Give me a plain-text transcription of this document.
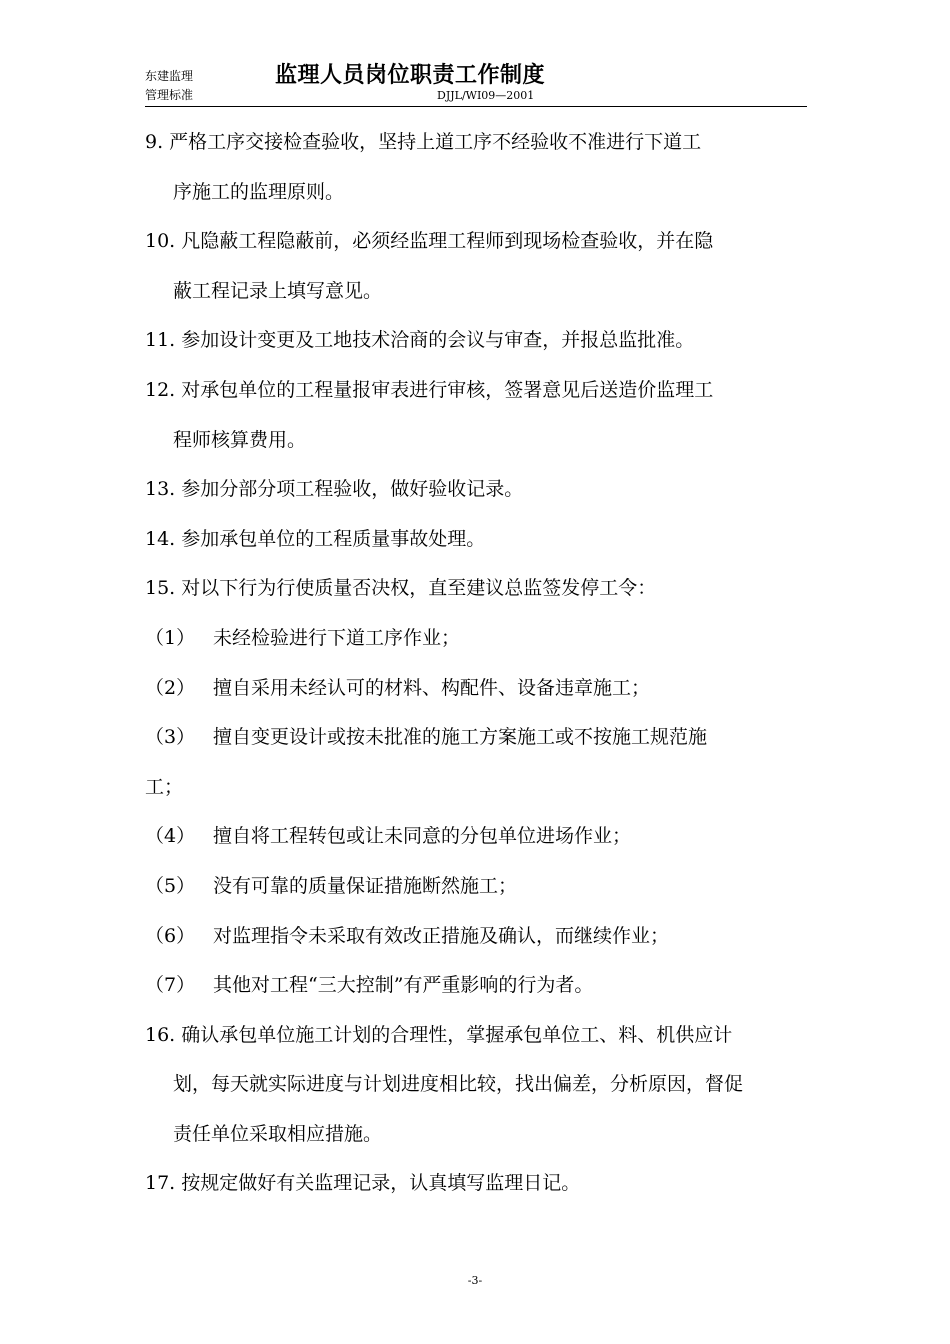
东建监理
管理标准
监理人员岗位职责工作制度
DJJL/WI09—2001
9. 严格工序交接检查验收，坚持上道工序不经验收不准进行下道工
序施工的监理原则。
10. 凡隐蔽工程隐蔽前，必须经监理工程师到现场检查验收，并在隐
蔽工程记录上填写意见。
11. 参加设计变更及工地技术洽商的会议与审查，并报总监批准。
12. 对承包单位的工程量报审表进行审核，签署意见后送造价监理工
程师核算费用。
13. 参加分部分项工程验收，做好验收记录。
14. 参加承包单位的工程质量事故处理。
15. 对以下行为行使质量否决权，直至建议总监签发停工令：
（1） 未经检验进行下道工序作业；
（2） 擅自采用未经认可的材料、构配件、设备违章施工；
（3） 擅自变更设计或按未批准的施工方案施工或不按施工规范施
工；
（4） 擅自将工程转包或让未同意的分包单位进场作业；
（5） 没有可靠的质量保证措施断然施工；
（6） 对监理指令未采取有效改正措施及确认，而继续作业；
（7） 其他对工程“三大控制”有严重影响的行为者。
16. 确认承包单位施工计划的合理性，掌握承包单位工、料、机供应计
划，每天就实际进度与计划进度相比较，找出偏差，分析原因，督促
责任单位采取相应措施。
17. 按规定做好有关监理记录，认真填写监理日记。
-3-
